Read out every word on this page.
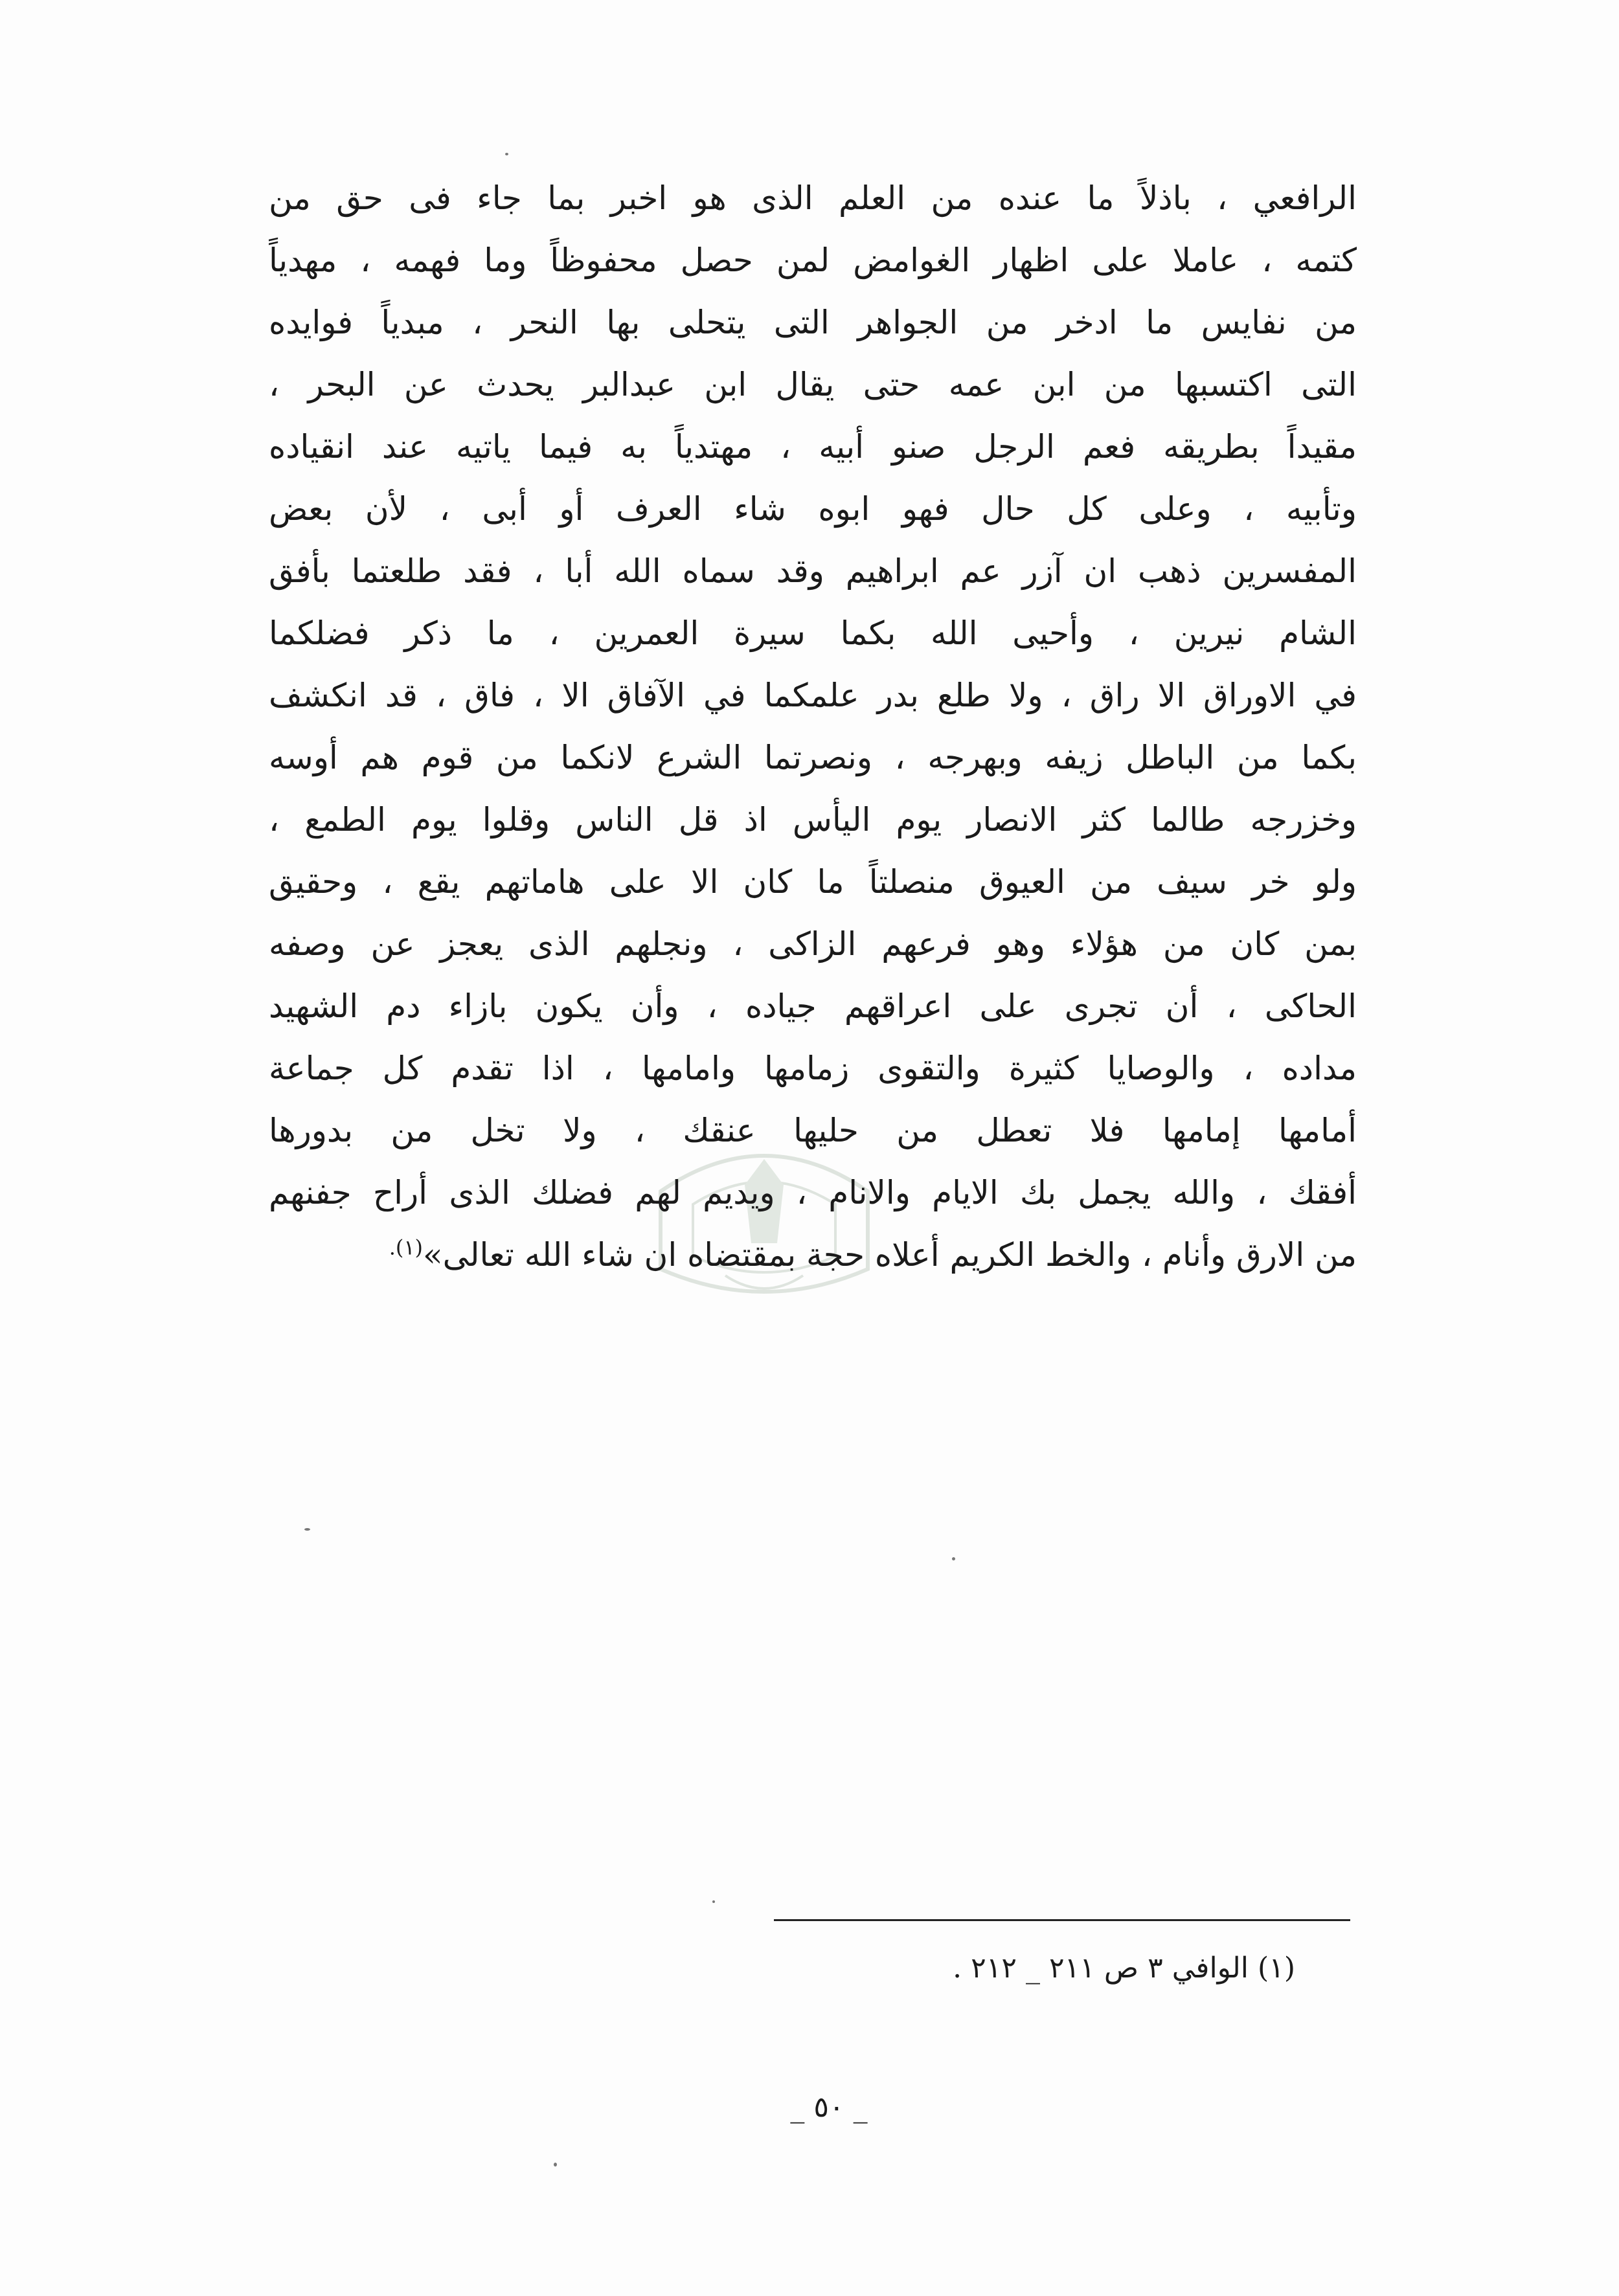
الرافعي ، باذلاً ما عنده من العلم الذى هو اخبر بما جاء فى حق من
كتمه ، عاملا على اظهار الغوامض لمن حصل محفوظاً وما فهمه ، مهدياً
من نفايس ما ادخر من الجواهر التى يتحلى بها النحر ، مبدياً فوايده
التى اكتسبها من ابن عمه حتى يقال ابن عبدالبر يحدث عن البحر ،
مقيداً بطريقه فعم الرجل صنو أبيه ، مهتدياً به فيما ياتيه عند انقياده
وتأبيه ، وعلى كل حال فهو ابوه شاء العرف أو أبى ، لأن بعض
المفسرين ذهب ان آزر عم ابراهيم وقد سماه الله أبا ، فقد طلعتما بأفق
الشام نيرين ، وأحيى الله بكما سيرة العمرين ، ما ذكر فضلكما
في الاوراق الا راق ، ولا طلع بدر علمكما في الآفاق الا ، فاق ، قد انكشف
بكما من الباطل زيفه وبهرجه ، ونصرتما الشرع لانكما من قوم هم أوسه
وخزرجه طالما كثر الانصار يوم اليأس اذ قل الناس وقلوا يوم الطمع ،
ولو خر سيف من العيوق منصلتاً ما كان الا على هاماتهم يقع ، وحقيق
بمن كان من هؤلاء وهو فرعهم الزاكى ، ونجلهم الذى يعجز عن وصفه
الحاكى ، أن تجرى على اعراقهم جياده ، وأن يكون بازاء دم الشهيد
مداده ، والوصايا كثيرة والتقوى زمامها وامامها ، اذا تقدم كل جماعة
أمامها إمامها فلا تعطل من حليها عنقك ، ولا تخل من بدورها
أفقك ، والله يجمل بك الايام والانام ، ويديم لهم فضلك الذى أراح جفنهم
من الارق وأنام ، والخط الكريم أعلاه حجة بمقتضاه ان شاء الله تعالى»$^{(١).}$
(١) الوافي ٣ ص ٢١١ _ ٢١٢ .
_ ٥٠ _
